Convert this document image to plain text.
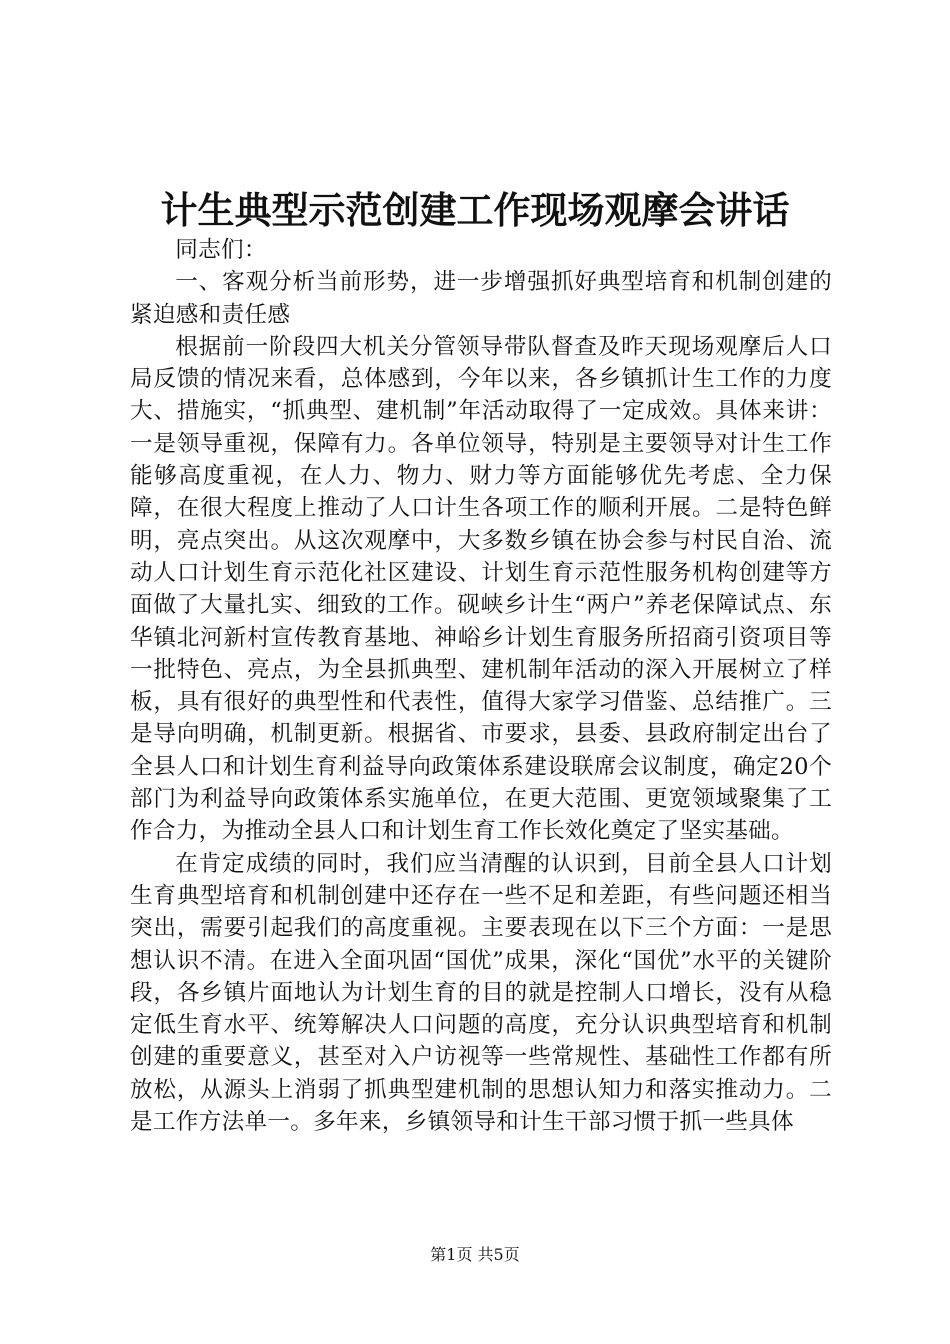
计生典型示范创建工作现场观摩会讲话

同志们：

一、客观分析当前形势，进一步增强抓好典型培育和机制创建的紧迫感和责任感

根据前一阶段四大机关分管领导带队督查及昨天现场观摩后人口局反馈的情况来看，总体感到，今年以来，各乡镇抓计生工作的力度大、措施实，“抓典型、建机制”年活动取得了一定成效。具体来讲：一是领导重视，保障有力。各单位领导，特别是主要领导对计生工作能够高度重视，在人力、物力、财力等方面能够优先考虑、全力保障，在很大程度上推动了人口计生各项工作的顺利开展。二是特色鲜明，亮点突出。从这次观摩中，大多数乡镇在协会参与村民自治、流动人口计划生育示范化社区建设、计划生育示范性服务机构创建等方面做了大量扎实、细致的工作。砚峡乡计生“两户”养老保障试点、东华镇北河新村宣传教育基地、神峪乡计划生育服务所招商引资项目等一批特色、亮点，为全县抓典型、建机制年活动的深入开展树立了样板，具有很好的典型性和代表性，值得大家学习借鉴、总结推广。三是导向明确，机制更新。根据省、市要求，县委、县政府制定出台了全县人口和计划生育利益导向政策体系建设联席会议制度，确定20个部门为利益导向政策体系实施单位，在更大范围、更宽领域聚集了工作合力，为推动全县人口和计划生育工作长效化奠定了坚实基础。

在肯定成绩的同时，我们应当清醒的认识到，目前全县人口计划生育典型培育和机制创建中还存在一些不足和差距，有些问题还相当突出，需要引起我们的高度重视。主要表现在以下三个方面：一是思想认识不清。在进入全面巩固“国优”成果，深化“国优”水平的关键阶段，各乡镇片面地认为计划生育的目的就是控制人口增长，没有从稳定低生育水平、统筹解决人口问题的高度，充分认识典型培育和机制创建的重要意义，甚至对入户访视等一些常规性、基础性工作都有所放松，从源头上消弱了抓典型建机制的思想认知力和落实推动力。二是工作方法单一。多年来，乡镇领导和计生干部习惯于抓一些具体

第1页 共5页
